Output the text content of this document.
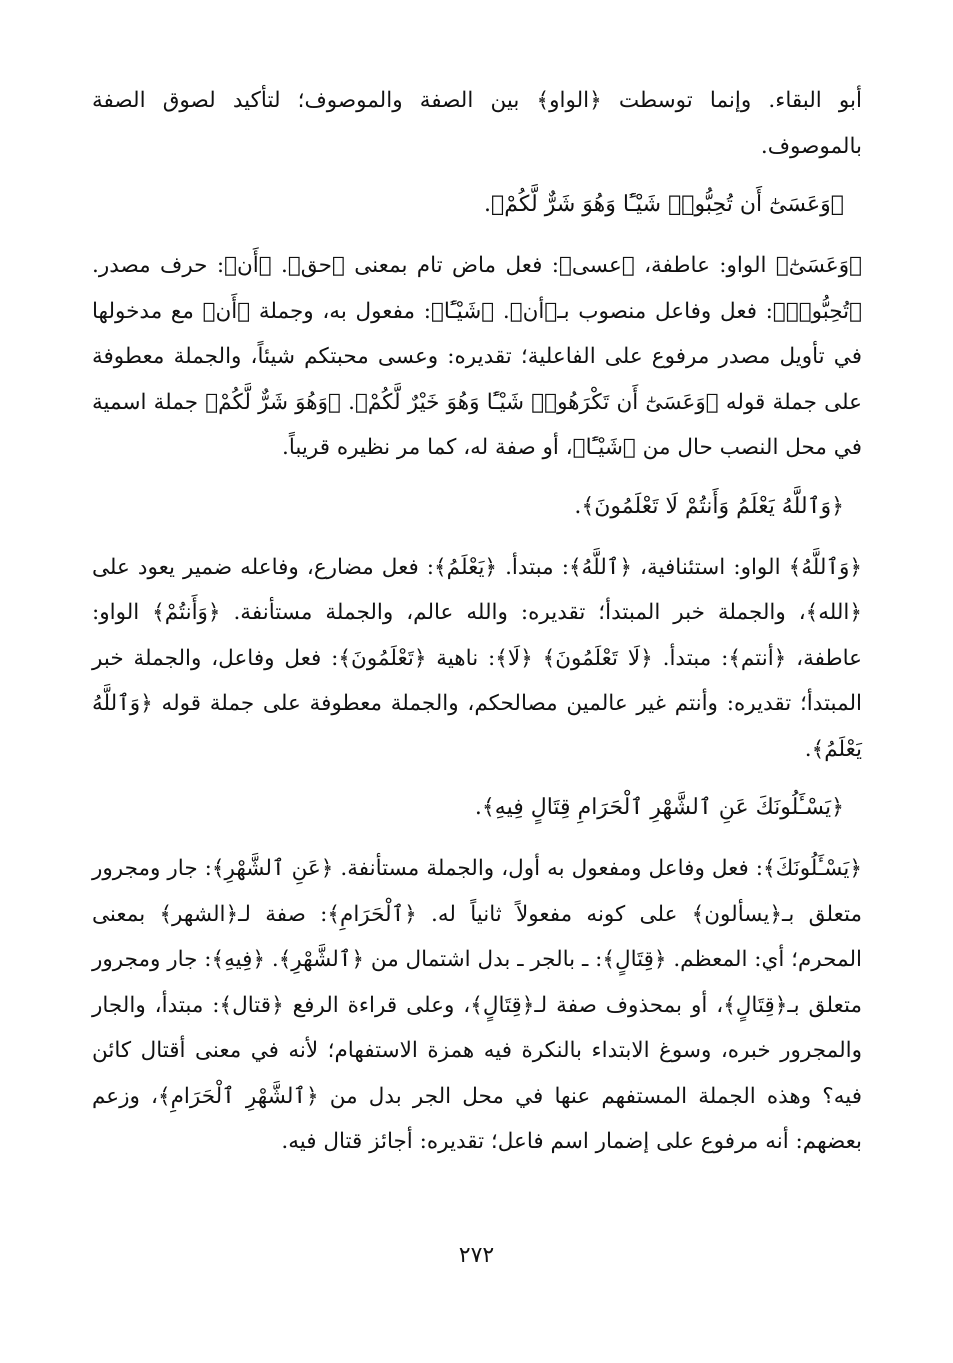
أبو البقاء. وإنما توسطت ﴿الواو﴾ بين الصفة والموصوف؛ لتأكيد لصوق الصفة بالموصوف.

﴿وَعَسَىٰٓ أَن تُحِبُّوا۟ شَيْـًٔا وَهُوَ شَرٌّ لَّكُمْ﴾.

﴿وَعَسَىٰٓ﴾ الواو: عاطفة، ﴿عسى﴾: فعل ماض تام بمعنى ﴿حق﴾. ﴿أَن﴾: حرف مصدر. ﴿تُحِبُّوا۟﴾: فعل وفاعل منصوب بـ﴿أن﴾. ﴿شَيْـًٔا﴾: مفعول به، وجملة ﴿أَن﴾ مع مدخولها في تأويل مصدر مرفوع على الفاعلية؛ تقديره: وعسى محبتكم شيئاً، والجملة معطوفة على جملة قوله ﴿وَعَسَىٰٓ أَن تَكْرَهُوا۟ شَيْـًٔا وَهُوَ خَيْرٌ لَّكُمْ﴾. ﴿وَهُوَ شَرٌّ لَّكُمْ﴾ جملة اسمية في محل النصب حال من ﴿شَيْـًٔا﴾، أو صفة له، كما مر نظيره قريباً.

﴿وَٱللَّهُ يَعْلَمُ وَأَنتُمْ لَا تَعْلَمُونَ﴾.

﴿وَٱللَّهُ﴾ الواو: استئنافية، ﴿ٱللَّهُ﴾: مبتدأ. ﴿يَعْلَمُ﴾: فعل مضارع، وفاعله ضمير يعود على ﴿الله﴾، والجملة خبر المبتدأ؛ تقديره: والله عالم، والجملة مستأنفة. ﴿وَأَنتُمْ﴾ الواو: عاطفة، ﴿أنتم﴾: مبتدأ. ﴿لَا تَعْلَمُونَ﴾ ﴿لَا﴾: ناهية ﴿تَعْلَمُونَ﴾: فعل وفاعل، والجملة خبر المبتدأ؛ تقديره: وأنتم غير عالمين مصالحكم، والجملة معطوفة على جملة قوله ﴿وَٱللَّهُ يَعْلَمُ﴾.

﴿يَسْـَٔلُونَكَ عَنِ ٱلشَّهْرِ ٱلْحَرَامِ قِتَالٍ فِيهِ﴾.

﴿يَسْـَٔلُونَكَ﴾: فعل وفاعل ومفعول به أول، والجملة مستأنفة. ﴿عَنِ ٱلشَّهْرِ﴾: جار ومجرور متعلق بـ﴿يسألون﴾ على كونه مفعولاً ثانياً له. ﴿ٱلْحَرَامِ﴾: صفة لـ﴿الشهر﴾ بمعنى المحرم؛ أي: المعظم. ﴿قِتَالٍ﴾: ـ بالجر ـ بدل اشتمال من ﴿ٱلشَّهْرِ﴾. ﴿فِيهِ﴾: جار ومجرور متعلق بـ﴿قِتَالٍ﴾، أو بمحذوف صفة لـ﴿قِتَالٍ﴾، وعلى قراءة الرفع ﴿قتال﴾: مبتدأ، والجار والمجرور خبره، وسوغ الابتداء بالنكرة فيه همزة الاستفهام؛ لأنه في معنى أقتال كائن فيه؟ وهذه الجملة المستفهم عنها في محل الجر بدل من ﴿ٱلشَّهْرِ ٱلْحَرَامِ﴾، وزعم بعضهم: أنه مرفوع على إضمار اسم فاعل؛ تقديره: أجائز قتال فيه.

٢٧٢
